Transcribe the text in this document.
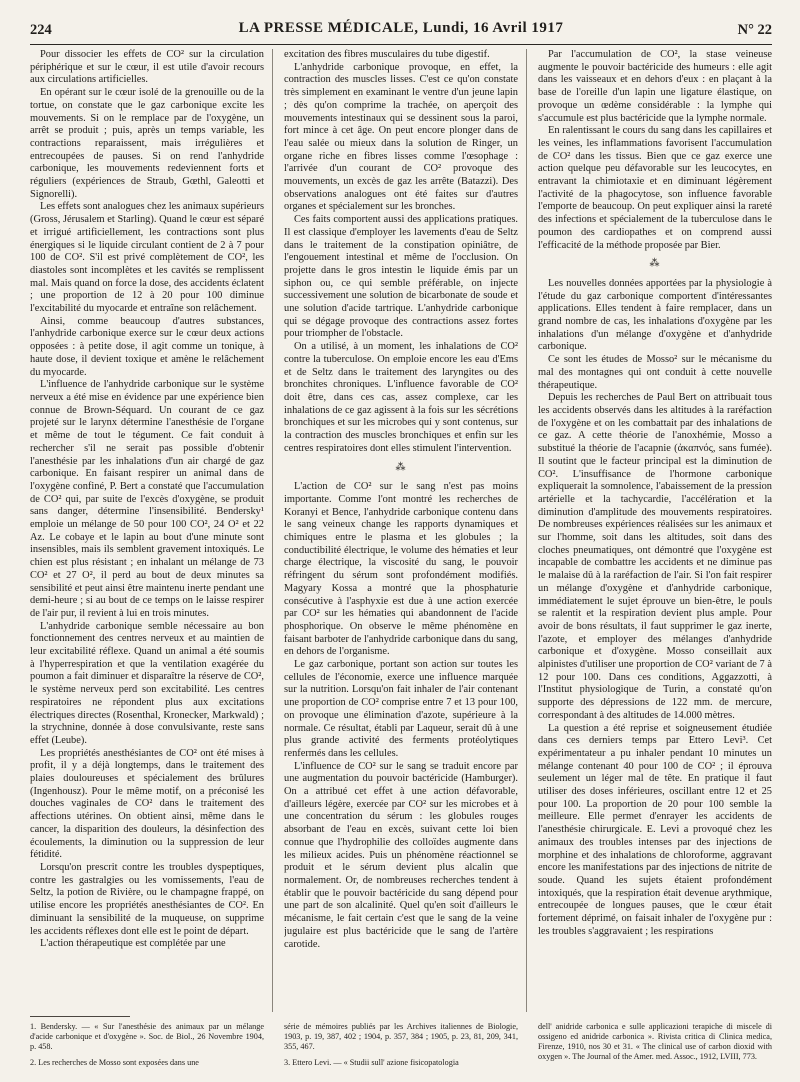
224	LA PRESSE MÉDICALE, Lundi, 16 Avril 1917	N° 22

Pour dissocier les effets de CO² sur la circulation périphérique et sur le cœur, il est utile d'avoir recours aux circulations artificielles.

En opérant sur le cœur isolé de la grenouille ou de la tortue, on constate que le gaz carbonique excite les mouvements. Si on le remplace par de l'oxygène, un arrêt se produit ; puis, après un temps variable, les contractions reparaissent, mais irrégulières et entrecoupées de pauses. Si on rend l'anhydride carbonique, les mouvements redeviennent forts et réguliers (expériences de Straub, Gœthl, Galeotti et Signorelli).

Les effets sont analogues chez les animaux supérieurs (Gross, Jérusalem et Starling). Quand le cœur est séparé et irrigué artificiellement, les contractions sont plus énergiques si le liquide circulant contient de 2 à 7 pour 100 de CO². S'il est privé complètement de CO², les diastoles sont incomplètes et les cavités se remplissent mal. Mais quand on force la dose, des accidents éclatent ; une proportion de 12 à 20 pour 100 diminue l'excitabilité du myocarde et entraîne son relâchement.

Ainsi, comme beaucoup d'autres substances, l'anhydride carbonique exerce sur le cœur deux actions opposées : à petite dose, il agit comme un tonique, à haute dose, il devient toxique et amène le relâchement du myocarde.

L'influence de l'anhydride carbonique sur le système nerveux a été mise en évidence par une expérience bien connue de Brown-Séquard. Un courant de ce gaz projeté sur le larynx détermine l'anesthésie de l'organe et même de tout le tégument. Ce fait conduit à rechercher s'il ne serait pas possible d'obtenir l'anesthésie par les inhalations d'un air chargé de gaz carbonique. En faisant respirer un animal dans de l'oxygène confiné, P. Bert a constaté que l'accumulation de CO² qui, par suite de l'excès d'oxygène, se produit sans danger, détermine l'insensibilité. Bendersky¹ emploie un mélange de 50 pour 100 CO², 24 O² et 22 Az. Le cobaye et le lapin au bout d'une minute sont insensibles, mais ils semblent gravement intoxiqués. Le chien est plus résistant ; en inhalant un mélange de 73 CO² et 27 O², il perd au bout de deux minutes sa sensibilité et peut ainsi être maintenu inerte pendant une demi-heure ; si au bout de ce temps on le laisse respirer de l'air pur, il revient à lui en trois minutes.

L'anhydride carbonique semble nécessaire au bon fonctionnement des centres nerveux et au maintien de leur excitabilité réflexe. Quand un animal a été soumis à l'hyperrespiration et que la ventilation exagérée du poumon a fait diminuer et disparaître la réserve de CO², le système nerveux perd son excitabilité. Les centres respiratoires ne répondent plus aux excitations électriques directes (Rosenthal, Kronecker, Markwald) ; la strychnine, donnée à dose convulsivante, reste sans effet (Leube).

Les propriétés anesthésiantes de CO² ont été mises à profit, il y a déjà longtemps, dans le traitement des plaies douloureuses et spécialement des brûlures (Ingenhousz). Pour le même motif, on a préconisé les douches vaginales de CO² dans le traitement des affections utérines. On obtient ainsi, même dans le cancer, la disparition des douleurs, la désinfection des écoulements, la diminution ou la suppression de leur fétidité.

Lorsqu'on prescrit contre les troubles dyspeptiques, contre les gastralgies ou les vomissements, l'eau de Seltz, la potion de Rivière, ou le champagne frappé, on utilise encore les propriétés anesthésiantes de CO². En diminuant la sensibilité de la muqueuse, on supprime les accidents réflexes dont elle est le point de départ.

L'action thérapeutique est complétée par une

excitation des fibres musculaires du tube digestif.

L'anhydride carbonique provoque, en effet, la contraction des muscles lisses. C'est ce qu'on constate très simplement en examinant le ventre d'un jeune lapin ; dès qu'on comprime la trachée, on aperçoit des mouvements intestinaux qui se dessinent sous la paroi, fort mince à cet âge. On peut encore plonger dans de l'eau salée ou mieux dans la solution de Ringer, un organe riche en fibres lisses comme l'œsophage : l'arrivée d'un courant de CO² provoque des mouvements, un excès de gaz les arrête (Batazzi). Des observations analogues ont été faites sur d'autres organes et spécialement sur les bronches.

Ces faits comportent aussi des applications pratiques. Il est classique d'employer les lavements d'eau de Seltz dans le traitement de la constipation opiniâtre, de l'engouement intestinal et même de l'occlusion. On projette dans le gros intestin le liquide émis par un siphon ou, ce qui semble préférable, on injecte successivement une solution de bicarbonate de soude et une solution d'acide tartrique. L'anhydride carbonique qui se dégage provoque des contractions assez fortes pour triompher de l'obstacle.

On a utilisé, à un moment, les inhalations de CO² contre la tuberculose. On emploie encore les eau d'Ems et de Seltz dans le traitement des laryngites ou des bronchites chroniques. L'influence favorable de CO² doit être, dans ces cas, assez complexe, car les inhalations de ce gaz agissent à la fois sur les sécrétions bronchiques et sur les microbes qui y sont contenus, sur la contraction des muscles bronchiques et enfin sur les centres respiratoires dont elles stimulent l'intervention.

⁂

L'action de CO² sur le sang n'est pas moins importante. Comme l'ont montré les recherches de Koranyi et Bence, l'anhydride carbonique contenu dans le sang veineux change les rapports dynamiques et chimiques entre le plasma et les globules ; la conductibilité électrique, le volume des hématies et leur charge électrique, la viscosité du sang, le pouvoir réfringent du sérum sont profondément modifiés. Magyary Kossa a montré que la phosphaturie consécutive à l'asphyxie est due à une action exercée par CO² sur les hématies qui abandonnent de l'acide phosphorique. On observe le même phénomène en faisant barboter de l'anhydride carbonique dans du sang, en dehors de l'organisme.

Le gaz carbonique, portant son action sur toutes les cellules de l'économie, exerce une influence marquée sur la nutrition. Lorsqu'on fait inhaler de l'air contenant une proportion de CO² comprise entre 7 et 13 pour 100, on provoque une élimination d'azote, supérieure à la normale. Ce résultat, établi par Laqueur, serait dû à une plus grande activité des ferments protéolytiques renfermés dans les cellules.

L'influence de CO² sur le sang se traduit encore par une augmentation du pouvoir bactéricide (Hamburger). On a attribué cet effet à une action défavorable, d'ailleurs légère, exercée par CO² sur les microbes et à une concentration du sérum : les globules rouges absorbant de l'eau en excès, suivant cette loi bien connue que l'hydrophilie des colloïdes augmente dans les milieux acides. Puis un phénomène réactionnel se produit et le sérum devient plus alcalin que normalement. Or, de nombreuses recherches tendent à établir que le pouvoir bactéricide du sang dépend pour une part de son alcalinité. Quel qu'en soit d'ailleurs le mécanisme, le fait certain c'est que le sang de la veine jugulaire est plus bactéricide que le sang de l'artère carotide.

Par l'accumulation de CO², la stase veineuse augmente le pouvoir bactéricide des humeurs : elle agit dans les vaisseaux et en dehors d'eux : en plaçant à la base de l'oreille d'un lapin une ligature élastique, on provoque un œdème considérable : la lymphe qui s'accumule est plus bactéricide que la lymphe normale.

En ralentissant le cours du sang dans les capillaires et les veines, les inflammations favorisent l'accumulation de CO² dans les tissus. Bien que ce gaz exerce une action quelque peu défavorable sur les leucocytes, en entravant la chimiotaxie et en diminuant légèrement l'activité de la phagocytose, son influence favorable l'emporte de beaucoup. On peut expliquer ainsi la rareté des infections et spécialement de la tuberculose dans le poumon des cardiopathes et on comprend aussi l'efficacité de la méthode proposée par Bier.

⁂

Les nouvelles données apportées par la physiologie à l'étude du gaz carbonique comportent d'intéressantes applications. Elles tendent à faire remplacer, dans un grand nombre de cas, les inhalations d'oxygène par les inhalations d'un mélange d'oxygène et d'anhydride carbonique.

Ce sont les études de Mosso² sur le mécanisme du mal des montagnes qui ont conduit à cette nouvelle thérapeutique.

Depuis les recherches de Paul Bert on attribuait tous les accidents observés dans les altitudes à la raréfaction de l'oxygène et on les combattait par des inhalations de ce gaz. A cette théorie de l'anoxhémie, Mosso a substitué la théorie de l'acapnie (ἀκαπνός, sans fumée). Il soutint que le facteur principal est la diminution de CO². L'insuffisance de l'hormone carbonique expliquerait la somnolence, l'abaissement de la pression artérielle et la tachycardie, l'accélération et la diminution d'amplitude des mouvements respiratoires. De nombreuses expériences réalisées sur les animaux et sur l'homme, soit dans les altitudes, soit dans des cloches pneumatiques, ont démontré que l'oxygène est incapable de combattre les accidents et ne diminue pas le malaise dû à la raréfaction de l'air. Si l'on fait respirer un mélange d'oxygène et d'anhydride carbonique, immédiatement le sujet éprouve un bien-être, le pouls se ralentit et la respiration devient plus ample. Pour avoir de bons résultats, il faut supprimer le gaz inerte, l'azote, et employer des mélanges d'anhydride carbonique et d'oxygène. Mosso conseillait aux alpinistes d'utiliser une proportion de CO² variant de 7 à 12 pour 100. Dans ces conditions, Aggazzotti, à l'Institut physiologique de Turin, a constaté qu'on supporte des dépressions de 122 mm. de mercure, correspondant à des altitudes de 14.000 mètres.

La question a été reprise et soigneusement étudiée dans ces derniers temps par Ettero Levi³. Cet expérimentateur a pu inhaler pendant 10 minutes un mélange contenant 40 pour 100 de CO² ; il éprouva seulement un léger mal de tête. En pratique il faut utiliser des doses inférieures, oscillant entre 12 et 25 pour 100. La proportion de 20 pour 100 semble la meilleure. Elle permet d'enrayer les accidents de l'anesthésie chirurgicale. E. Levi a provoqué chez les animaux des troubles intenses par des injections de morphine et des inhalations de chloroforme, aggravant encore les manifestations par des injections de nitrite de soude. Quand les sujets étaient profondément intoxiqués, que la respiration était devenue arythmique, entrecoupée de longues pauses, que le cœur était fortement déprimé, on faisait inhaler de l'oxygène pur : les troubles s'aggravaient ; les respirations

1. Bendersky. — « Sur l'anesthésie des animaux par un mélange d'acide carbonique et d'oxygène ». Soc. de Biol., 26 Novembre 1904, p. 458.
2. Les recherches de Mosso sont exposées dans une
série de mémoires publiés par les Archives italiennes de Biologie, 1903, p. 19, 387, 402 ; 1904, p. 357, 384 ; 1905, p. 23, 81, 209, 341, 355, 467.
3. Ettero Levi. — « Studii sull' azione fisicopatologia
dell' anidride carbonica e sulle applicazioni terapiche di miscele di ossigeno ed anidride carbonica ». Rivista critica di Clinica medica, Firenze, 1910, nos 30 et 31. « The clinical use of carbon dioxid with oxygen ». The Journal of the Amer. med. Assoc., 1912, LVIII, 773.
